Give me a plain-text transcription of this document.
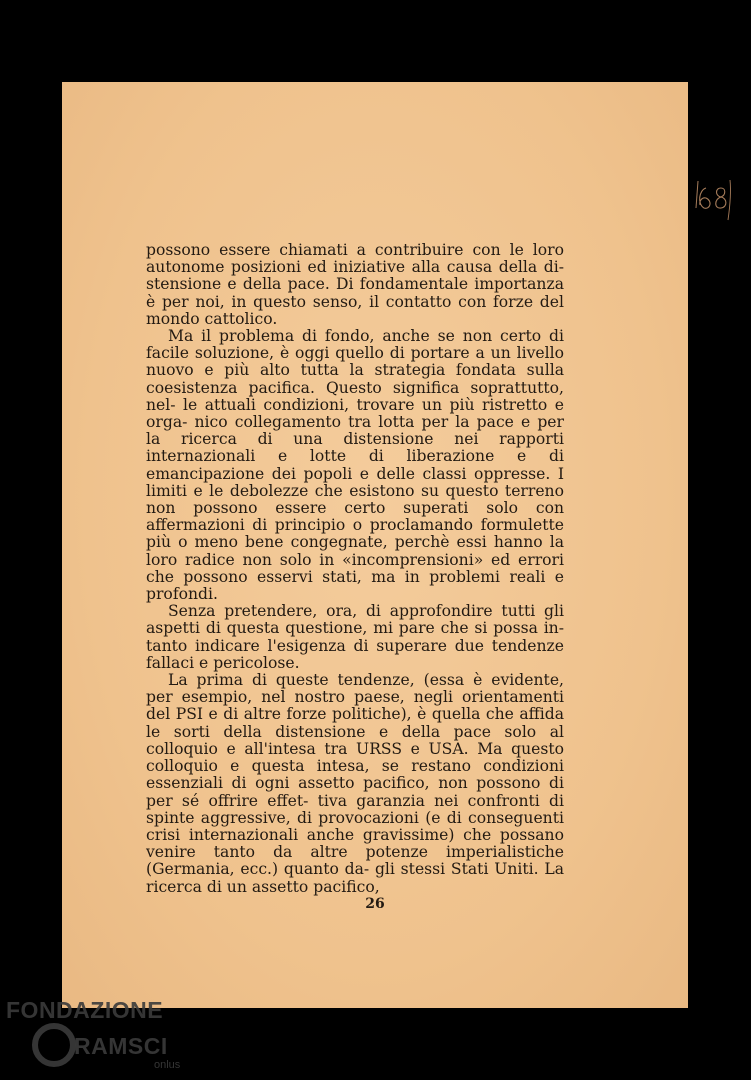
possono essere chiamati a contribuire con le loro autonome posizioni ed iniziative alla causa della di- stensione e della pace. Di fondamentale importanza è per noi, in questo senso, il contatto con forze del mondo cattolico.

Ma il problema di fondo, anche se non certo di facile soluzione, è oggi quello di portare a un livello nuovo e più alto tutta la strategia fondata sulla coesistenza pacifica. Questo significa soprattutto, nel- le attuali condizioni, trovare un più ristretto e orga- nico collegamento tra lotta per la pace e per la ricerca di una distensione nei rapporti internazionali e lotte di liberazione e di emancipazione dei popoli e delle classi oppresse. I limiti e le debolezze che esistono su questo terreno non possono essere certo superati solo con affermazioni di principio o proclamando formulette più o meno bene congegnate, perchè essi hanno la loro radice non solo in «incomprensioni» ed errori che possono esservi stati, ma in problemi reali e profondi.

Senza pretendere, ora, di approfondire tutti gli aspetti di questa questione, mi pare che si possa in- tanto indicare l'esigenza di superare due tendenze fallaci e pericolose.

La prima di queste tendenze, (essa è evidente, per esempio, nel nostro paese, negli orientamenti del PSI e di altre forze politiche), è quella che affida le sorti della distensione e della pace solo al colloquio e all'intesa tra URSS e USA. Ma questo colloquio e questa intesa, se restano condizioni essenziali di ogni assetto pacifico, non possono di per sé offrire effet- tiva garanzia nei confronti di spinte aggressive, di provocazioni (e di conseguenti crisi internazionali anche gravissime) che possano venire tanto da altre potenze imperialistiche (Germania, ecc.) quanto da- gli stessi Stati Uniti. La ricerca di un assetto pacifico,

26
FONDAZIONE
RAMSCI
onlus
